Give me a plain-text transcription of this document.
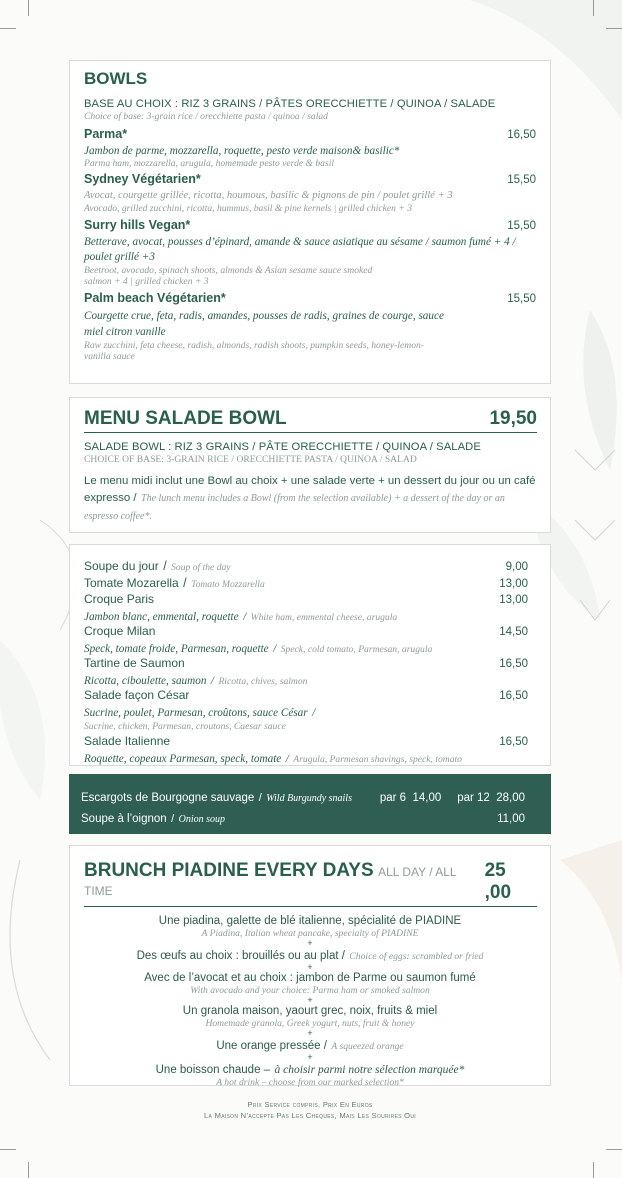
BOWLS
BASE AU CHOIX : RIZ 3 GRAINS / PÂTES ORECCHIETTE / QUINOA / SALADE
Choice of base: 3-grain rice / orecchiette pasta / quinoa / salad
Parma*	16,50
Jambon de parme, mozzarella, roquette, pesto verde maison& basilic*
Parma ham, mozzarella, arugula, homemade pesto verde & basil
Sydney Végétarien*	15,50
Avocat, courgette grillée, ricotta, houmous, basilic & pignons de pin / poulet grillé + 3
Avocado, grilled zucchini, ricotta, hummus, basil & pine kernels | grilled chicken + 3
Surry hills Vegan*	15,50
Betterave, avocat, pousses d’épinard, amande & sauce asiatique au sésame / saumon fumé + 4 / poulet grillé +3
Beetroot, avocado, spinach shoots, almonds & Asian sesame sauce smoked salmon + 4 | grilled chicken + 3
Palm beach Végétarien*	15,50
Courgette crue, feta, radis, amandes, pousses de radis, graines de courge, sauce miel citron vanille
Raw zucchini, feta cheese, radish, almonds, radish shoots, pumpkin seeds, honey-lemon-vanilla sauce
MENU SALADE BOWL	19,50
SALADE BOWL : RIZ 3 GRAINS / PÂTE ORECCHIETTE / QUINOA / SALADE
CHOICE OF BASE: 3-GRAIN RICE / ORECCHIETTE PASTA / QUINOA / SALAD
Le menu midi inclut une Bowl au choix + une salade verte + un dessert du jour ou un café expresso / The lunch menu includes a Bowl (from the selection available) + a dessert of the day or an espresso coffee*.
Soupe du jour / Soup of the day	9,00
Tomate Mozarella / Tomato Mozzarella	13,00
Croque Paris	13,00
Jambon blanc, emmental, roquette / White ham, emmental cheese, arugula
Croque Milan	14,50
Speck, tomate froide, Parmesan, roquette / Speck, cold tomato, Parmesan, arugula
Tartine de Saumon	16,50
Ricotta, ciboulette, saumon / Ricotta, chives, salmon
Salade façon César	16,50
Sucrine, poulet, Parmesan, croûtons, sauce César /
Sucrine, chicken, Parmesan, croutons, Caesar sauce
Salade Italienne	16,50
Roquette, copeaux Parmesan, speck, tomate / Arugula, Parmesan shavings, speck, tomato
Escargots de Bourgogne sauvage / Wild Burgundy snails par 6 14,00 par 12 28,00
Soupe à l’oignon / Onion soup	11,00
BRUNCH PIADINE EVERY DAYS ALL DAY / ALL TIME
25 ,00
Une piadina, galette de blé italienne, spécialité de PIADINE
A Piadina, Italian wheat pancake, specialty of PIADINE
+
Des œufs au choix : brouillés ou au plat / Choice of eggs: scrambled or fried
+
Avec de l’avocat et au choix : jambon de Parme ou saumon fumé
With avocado and your choice: Parma ham or smoked salmon
+
Un granola maison, yaourt grec, noix, fruits & miel
Homemade granola, Greek yogurt, nuts, fruit & honey
+
Une orange pressée / A squeezed orange
+
Une boisson chaude – à choisir parmi notre sélection marquée*
A hot drink – choose from our marked selection*
Prix Service compris. Prix En Euros
La Maison N’accepte Pas Les Chèques, Mais Les Sourires Oui
